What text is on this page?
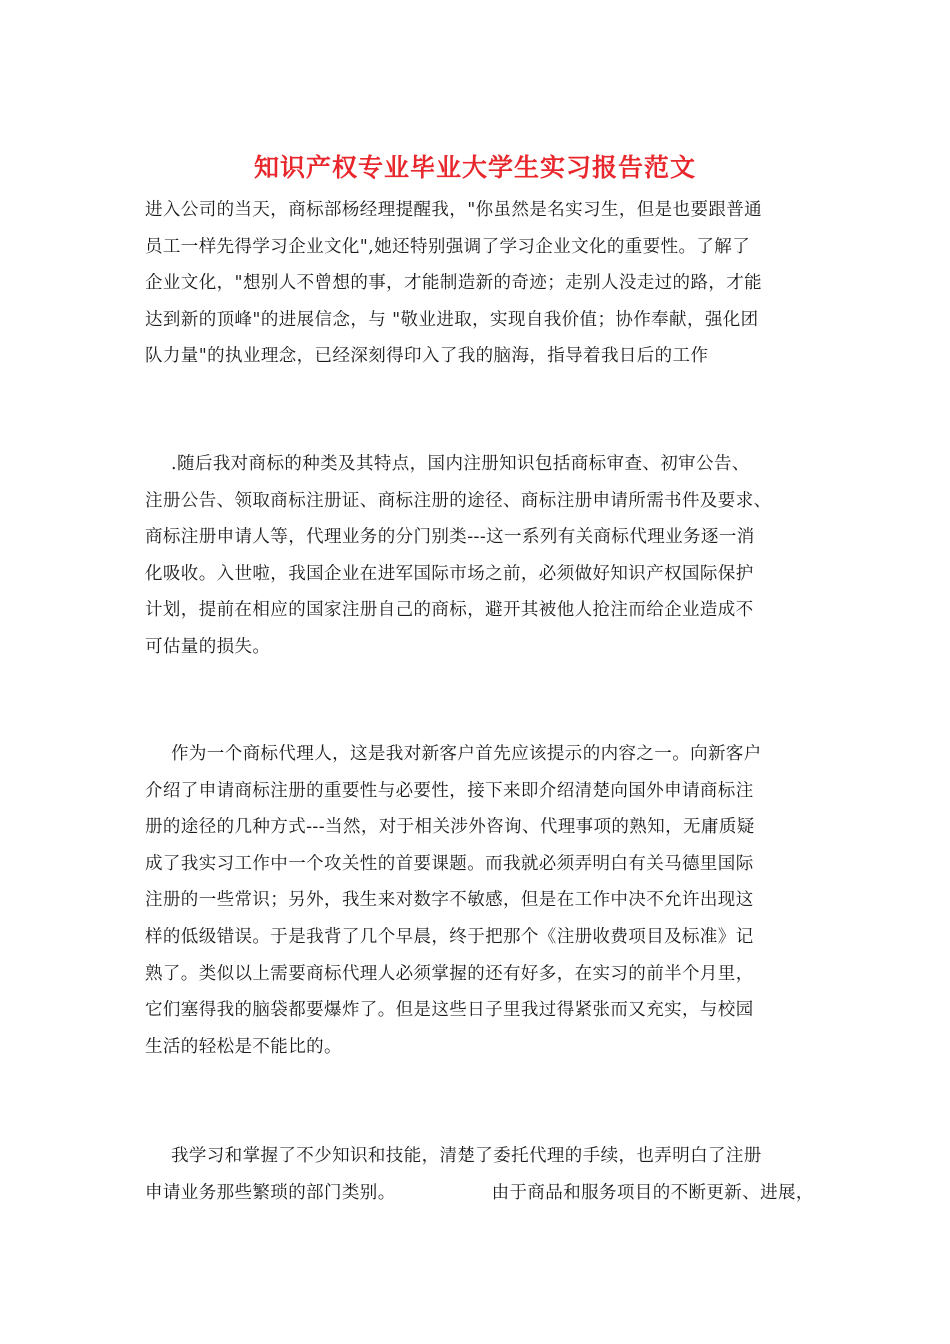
知识产权专业毕业大学生实习报告范文
进入公司的当天，商标部杨经理提醒我，"你虽然是名实习生，但是也要跟普通
员工一样先得学习企业文化",她还特别强调了学习企业文化的重要性。了解了
企业文化，"想别人不曾想的事，才能制造新的奇迹；走别人没走过的路，才能
达到新的顶峰"的进展信念，与 "敬业进取，实现自我价值；协作奉献，强化团
队力量"的执业理念，已经深刻得印入了我的脑海，指导着我日后的工作
.随后我对商标的种类及其特点，国内注册知识包括商标审查、初审公告、
注册公告、领取商标注册证、商标注册的途径、商标注册申请所需书件及要求、
商标注册申请人等，代理业务的分门别类---这一系列有关商标代理业务逐一消
化吸收。入世啦，我国企业在进军国际市场之前，必须做好知识产权国际保护
计划，提前在相应的国家注册自己的商标，避开其被他人抢注而给企业造成不
可估量的损失。
作为一个商标代理人，这是我对新客户首先应该提示的内容之一。向新客户
介绍了申请商标注册的重要性与必要性，接下来即介绍清楚向国外申请商标注
册的途径的几种方式---当然，对于相关涉外咨询、代理事项的熟知，无庸质疑
成了我实习工作中一个攻关性的首要课题。而我就必须弄明白有关马德里国际
注册的一些常识；另外，我生来对数字不敏感，但是在工作中决不允许出现这
样的低级错误。于是我背了几个早晨，终于把那个《注册收费项目及标准》记
熟了。类似以上需要商标代理人必须掌握的还有好多，在实习的前半个月里，
它们塞得我的脑袋都要爆炸了。但是这些日子里我过得紧张而又充实，与校园
生活的轻松是不能比的。
我学习和掌握了不少知识和技能，清楚了委托代理的手续，也弄明白了注册
申请业务那些繁琐的部门类别。	由于商品和服务项目的不断更新、进展，
